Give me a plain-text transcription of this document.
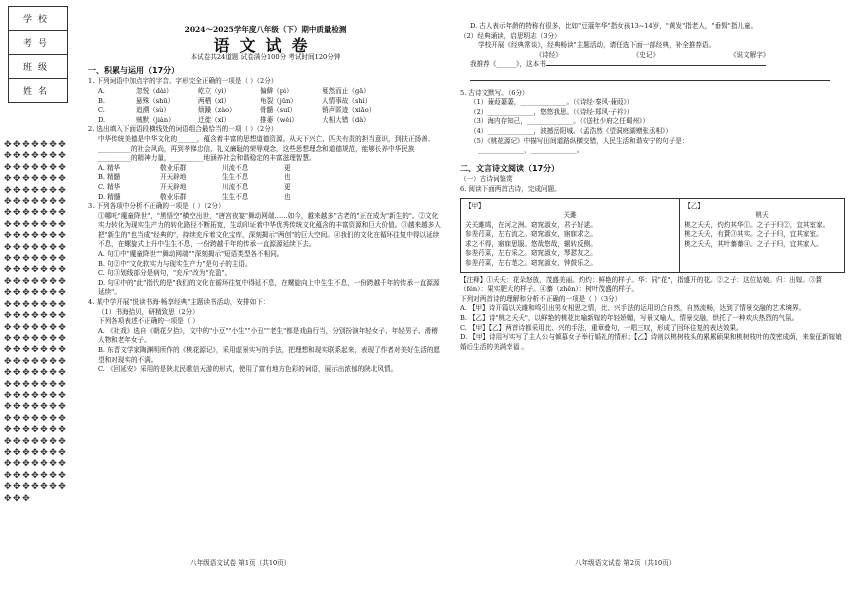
学校
考号
班级
姓名
✥✥✥✥✥✥✥✥✥✥✥✥✥✥✥✥✥✥✥✥✥✥✥✥✥✥✥✥✥✥✥✥✥✥✥✥✥✥✥✥✥✥✥✥✥✥✥✥✥✥✥✥✥✥✥✥✥✥✥✥✥✥✥✥✥✥✥✥✥✥✥✥✥✥✥✥✥✥✥✥✥✥✥✥✥✥✥✥✥✥✥✥✥✥✥✥✥✥✥✥✥✥✥✥✥✥✥✥✥✥✥✥✥✥✥✥✥✥✥✥✥✥✥✥✥✥✥✥✥✥✥✥✥✥✥✥✥✥✥✥✥✥✥✥✥✥✥✥✥✥✥✥✥✥✥✥✥✥✥✥✥✥✥✥✥✥✥✥✥✥✥✥✥✥✥✥✥✥✥✥✥✥✥✥✥✥✥✥✥✥✥✥✥✥✥✥✥✥✥✥✥✥✥✥✥✥✥✥✥✥✥✥✥✥✥✥✥✥✥✥
2024～2025学年度八年级（下）期中质量检测
语文试卷
本试卷共24道题 试卷满分100分 考试时间120分钟
一、积累与运用（17分）

1. 下列词语中加点字的字音、字形完全正确的一项是（ ）（2分）

A.	忽悦（dài）	屹立（yì）	偏僻（pì）	戛然而止（gā）
B.	悬殊（shū）	两栖（xī）	龟裂（jūn）	人情事故（shì）
C.	追溯（sù）	烦躁（zào）	骨髓（suǐ）	销声匿迹（xiāo）
D.	贼默（jiàn）	迁徙（xǐ）	推萎（wěi）	大相大错（dà）

2. 选出填入下面语段横线处的词语组合最恰当的一项（ ）（2分）

中华传统美德是中华文化的______，蕴含着丰富的思想道德资源。从天下兴亡、匹夫有责的担当意识，到扶正扬善、__________的社会风尚，再到孝悌忠信、礼义廉耻的荣辱观念，这些思想理念和道德规范，能够长养中华民族__________的精神力量，__________地涵养社会和谐稳定的丰富滋理智慧。

A. 精华	敬业乐群	川流不息	更
B. 精髓	开天辟地	生生不息	也
C. 精华	开天辟地	川流不息	更
D. 精髓	敬业乐群	生生不息	也

3. 下列各项中分析不正确的一项是（ ）（2分）

①哪吒"魔童降世"，"黑悟空"横空出世，"唐宫夜宴"舞动网端……如今，越来越多"古老的"正在成为"新生的"。②文化实力转化为现实生产力的转化路径不断拓宽，生动印证着中华优秀传统文化蕴含的丰富资源和巨大价值。③越来越多人把"新生的"也当成"经典的"，持续充斥着文化宝库，深刻揭示"两创"的巨大空间。④我们的文化在循环往复中得以延续不息，在螺旋式上升中生生不息，一份跨越千年的传承一直源源延续下去。

A. 句①中"魔童降世""舞动网端""深刻揭示"短语类型各不相同。

B. 句②中"文化软实力与现实生产力"是句子的主语。

C. 句③划线部分是病句，"充斥"改为"充盈"。

D. 句④中的"此"指代的是"我们的文化在循环往复中得延不息，在螺旋向上中生生不息，一份跨越千年的传承一直源源延续"。

4. 某中学开展"悦读书海·畅享经典"主题读书活动，安排如下：

（1）书海拾贝，研精致思（2分）

下列各项表述不正确的一项是（ ）

A. 《社戏》选自《朝花夕拾》，文中的"小豆""小生""小丑""老生"都是戏曲行当，分别扮演年轻女子、年轻男子、滑稽人物和老年女子。

B. 东晋文学家陶渊明所作的《桃花源记》，采用虚景实写的手法，把理想和现实联系起来，表现了作者对美好生活的愿望和对现实的不满。

C. 《回延安》采用的是陕北民歌信天游的形式，使用了富有地方色彩的词语，展示出浓郁的陕北风情。

八年级语文试卷 第1页（共10页）

D. 古人表示年龄的特称有很多，比如"豆蔻年华"指女孩13~14岁，"黄发"指老人，"垂髫"指儿童。

（2）经典诵读，启思明志（3分）

学校开展《经典常谈》，经典畅读"主题活动，请任选下面一部经典，补全推荐语。

《诗经》	《史记》	《说文解字》

我推荐《______》，这本书

5. 古诗文默写。（6分）

（1）蒹葭萋萋，______________。（《诗经·秦风·蒹葭》）

（2）______________，悠悠我思。（《诗经·郑风·子衿》）

（3）海内存知己，______________。（《送杜少府之任蜀州》）

（4）______________，波撼岳阳城。（孟浩然《望洞庭湖赠张丞相》）

（5）《桃花源记》中描写田间道路纵横交错，人民生活和谐安宁的句子是：

______________，______________。

二、文言诗文阅读（17分）

（一）古诗词鉴赏

6. 阅读下面两首古诗，完成问题。

【甲】
关雎
关关雎鸠，在河之洲。窈窕淑女，君子好逑。
参差荇菜，左右流之。窈窕淑女，寤寐求之。
求之不得，寤寐思服。悠哉悠哉，辗转反侧。
参差荇菜，左右采之。窈窕淑女，琴瑟友之。
参差荇菜，左右芼之。窈窕淑女，钟鼓乐之。
【乙】
桃夭
桃之夭夭，灼灼其华①。之子于归②，宜其室家。
桃之夭夭，有蕡③其实。之子于归，宜其家室。
桃之夭夭，其叶蓁蓁④。之子于归，宜其家人。

【注释】①夭夭：花朵怒放，茂盛美丽。灼灼：鲜艳的样子。华：同"花"，指盛开的花。②之子：这位姑娘。归：出嫁。③蕡（fén）：果实肥大的样子。④蓁（zhēn）：树叶茂盛的样子。

下列对两首诗的理解和分析不正确的一项是（ ）（3分）

A. 【甲】诗开篇以关雎和鸣引出男女相思之情，比、兴手法的运用切合自然，自然流畅，达到了情景交融的艺术境界。

B. 【乙】诗"桃之夭夭"，以鲜艳的桃花比喻新嫁的年轻娇媚，写景又喻人，情景交融，烘托了一种欢庆热烈的气氛。

C. 【甲】【乙】两首诗都采用比、兴的手法，重章叠句，一唱三叹，形成了回环往复的表达效果。

D. 【甲】诗用写实写了主人公与倾慕女子举行婚礼的情形；【乙】诗则以桃树枝头的累累硕果和桃树枝叶的茂密成荫，来象征新嫁娘婚后生活的美满幸福 。

八年级语文试卷 第2页（共10页）
